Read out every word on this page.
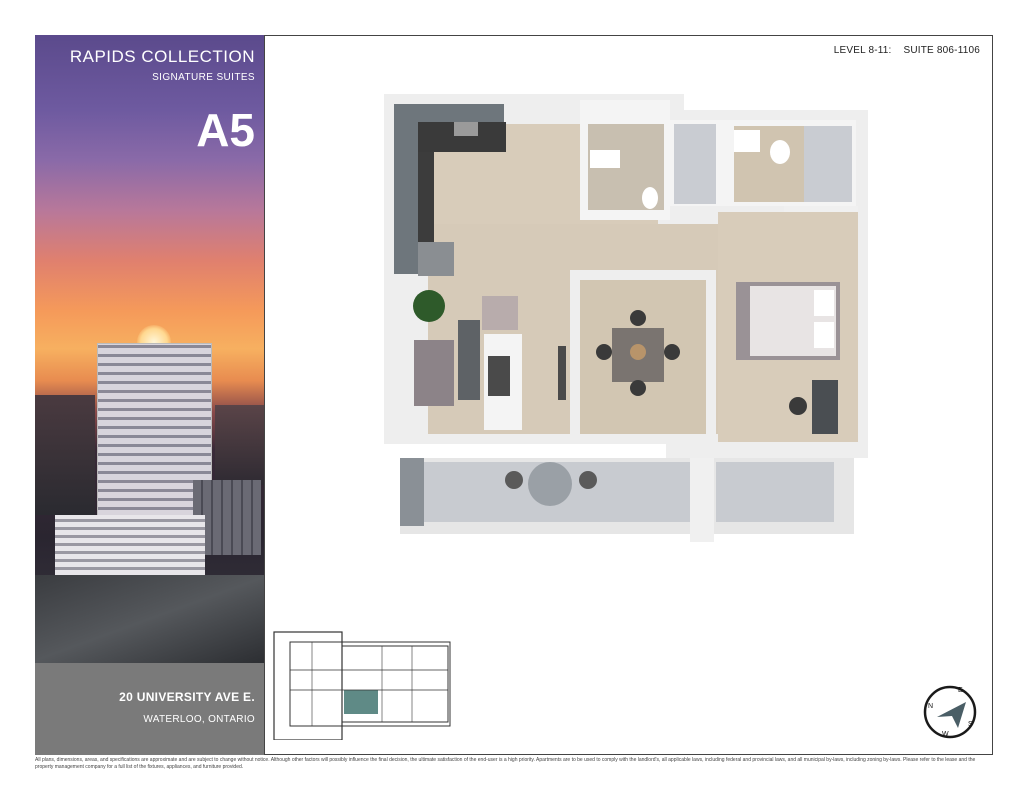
RAPIDS COLLECTION
SIGNATURE SUITES
A5
20 UNIVERSITY AVE E.
WATERLOO, ONTARIO
LEVEL 8-11:    SUITE 806-1106
N
S
W
E
All plans, dimensions, areas, and specifications are approximate and are subject to change without notice. Although other factors will possibly influence the final decision, the ultimate satisfaction of the end-user is a high priority. Apartments are to be used to comply with the landlord's, all applicable laws, including federal and provincial laws, and all municipal by-laws, including zoning by-laws. Please refer to the lease and the property management company for a full list of the fixtures, appliances, and furniture provided.
